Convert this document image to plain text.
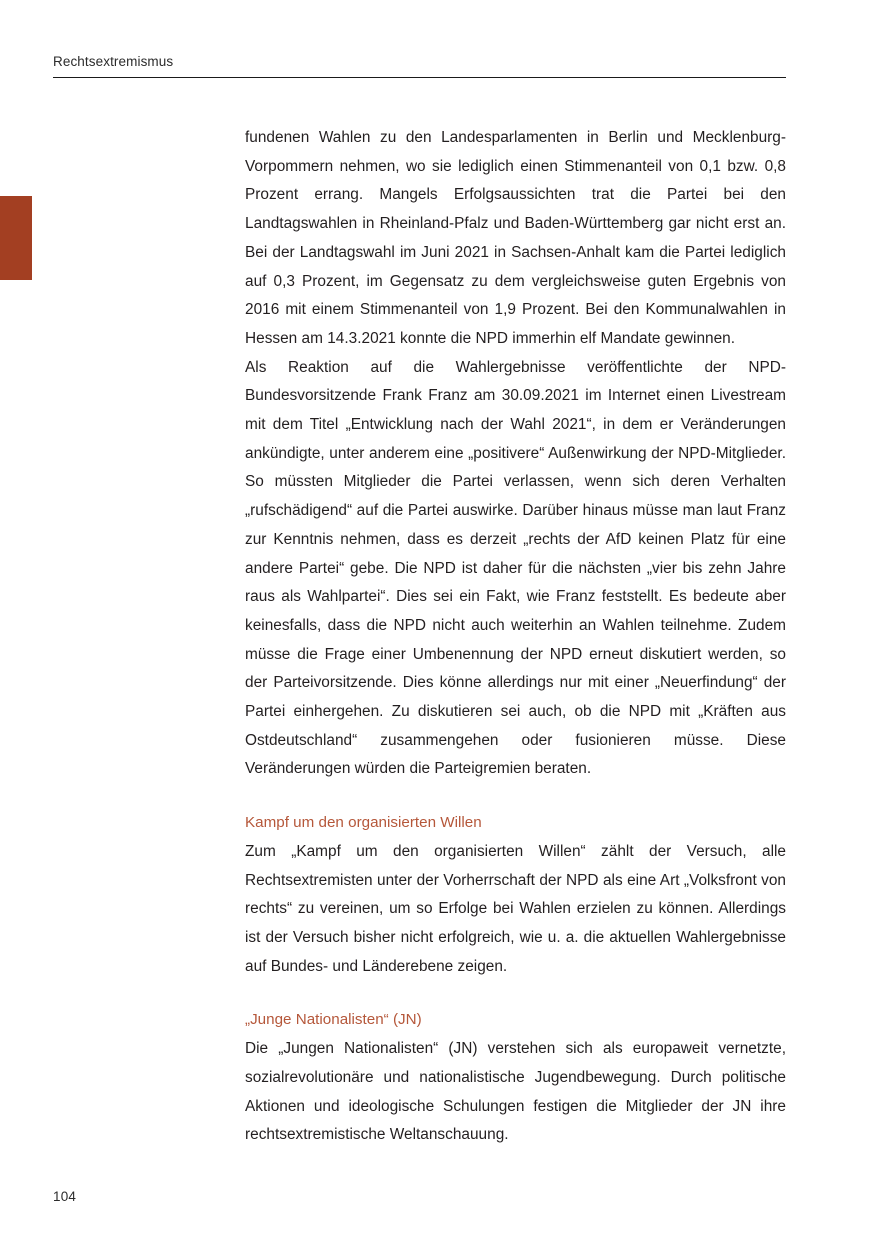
Rechtsextremismus

fundenen Wahlen zu den Landesparlamenten in Berlin und Mecklenburg-Vorpommern nehmen, wo sie lediglich einen Stimmenanteil von 0,1 bzw. 0,8 Prozent errang. Mangels Erfolgsaussichten trat die Partei bei den Landtagswahlen in Rheinland-Pfalz und Baden-Württemberg gar nicht erst an. Bei der Landtagswahl im Juni 2021 in Sachsen-Anhalt kam die Partei lediglich auf 0,3 Prozent, im Gegensatz zu dem vergleichsweise guten Ergebnis von 2016 mit einem Stimmenanteil von 1,9 Prozent. Bei den Kommunalwahlen in Hessen am 14.3.2021 konnte die NPD immerhin elf Mandate gewinnen.

Als Reaktion auf die Wahlergebnisse veröffentlichte der NPD-Bundesvorsitzende Frank Franz am 30.09.2021 im Internet einen Livestream mit dem Titel „Entwicklung nach der Wahl 2021“, in dem er Veränderungen ankündigte, unter anderem eine „positivere“ Außenwirkung der NPD-Mitglieder. So müssten Mitglieder die Partei verlassen, wenn sich deren Verhalten „rufschädigend“ auf die Partei auswirke. Darüber hinaus müsse man laut Franz zur Kenntnis nehmen, dass es derzeit „rechts der AfD keinen Platz für eine andere Partei“ gebe. Die NPD ist daher für die nächsten „vier bis zehn Jahre raus als Wahlpartei“. Dies sei ein Fakt, wie Franz feststellt. Es bedeute aber keinesfalls, dass die NPD nicht auch weiterhin an Wahlen teilnehme. Zudem müsse die Frage einer Umbenennung der NPD erneut diskutiert werden, so der Parteivorsitzende. Dies könne allerdings nur mit einer „Neuerfindung“ der Partei einhergehen. Zu diskutieren sei auch, ob die NPD mit „Kräften aus Ostdeutschland“ zusammengehen oder fusionieren müsse. Diese Veränderungen würden die Parteigremien beraten.

Kampf um den organisierten Willen

Zum „Kampf um den organisierten Willen“ zählt der Versuch, alle Rechtsextremisten unter der Vorherrschaft der NPD als eine Art „Volksfront von rechts“ zu vereinen, um so Erfolge bei Wahlen erzielen zu können. Allerdings ist der Versuch bisher nicht erfolgreich, wie u. a. die aktuellen Wahlergebnisse auf Bundes- und Länderebene zeigen.

„Junge Nationalisten“ (JN)

Die „Jungen Nationalisten“ (JN) verstehen sich als europaweit vernetzte, sozialrevolutionäre und nationalistische Jugendbewegung. Durch politische Aktionen und ideologische Schulungen festigen die Mitglieder der JN ihre rechtsextremistische Weltanschauung.

104
